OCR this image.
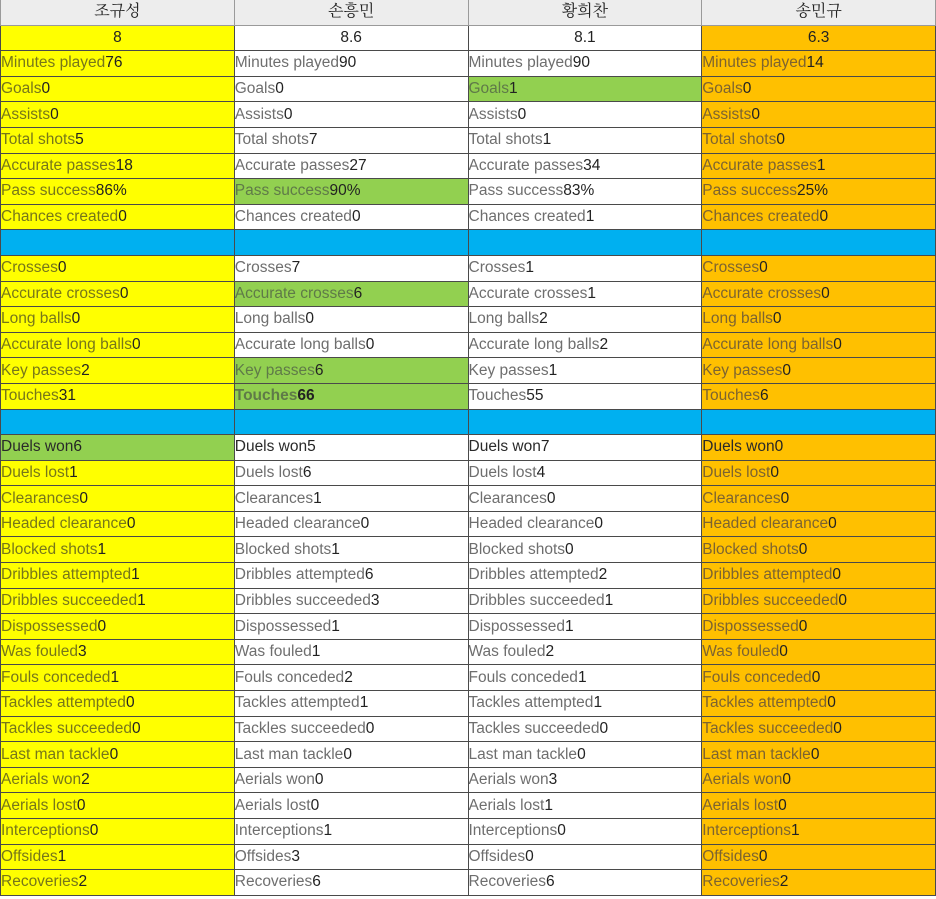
조규성	손흥민	황희찬	송민규
8	8.6	8.1	6.3
Minutes played76	Minutes played90	Minutes played90	Minutes played14
Goals0	Goals0	Goals1	Goals0
Assists0	Assists0	Assists0	Assists0
Total shots5	Total shots7	Total shots1	Total shots0
Accurate passes18	Accurate passes27	Accurate passes34	Accurate passes1
Pass success86%	Pass success90%	Pass success83%	Pass success25%
Chances created0	Chances created0	Chances created1	Chances created0

Crosses0	Crosses7	Crosses1	Crosses0
Accurate crosses0	Accurate crosses6	Accurate crosses1	Accurate crosses0
Long balls0	Long balls0	Long balls2	Long balls0
Accurate long balls0	Accurate long balls0	Accurate long balls2	Accurate long balls0
Key passes2	Key passes6	Key passes1	Key passes0
Touches31	Touches66	Touches55	Touches6

Duels won6	Duels won5	Duels won7	Duels won0
Duels lost1	Duels lost6	Duels lost4	Duels lost0
Clearances0	Clearances1	Clearances0	Clearances0
Headed clearance0	Headed clearance0	Headed clearance0	Headed clearance0
Blocked shots1	Blocked shots1	Blocked shots0	Blocked shots0
Dribbles attempted1	Dribbles attempted6	Dribbles attempted2	Dribbles attempted0
Dribbles succeeded1	Dribbles succeeded3	Dribbles succeeded1	Dribbles succeeded0
Dispossessed0	Dispossessed1	Dispossessed1	Dispossessed0
Was fouled3	Was fouled1	Was fouled2	Was fouled0
Fouls conceded1	Fouls conceded2	Fouls conceded1	Fouls conceded0
Tackles attempted0	Tackles attempted1	Tackles attempted1	Tackles attempted0
Tackles succeeded0	Tackles succeeded0	Tackles succeeded0	Tackles succeeded0
Last man tackle0	Last man tackle0	Last man tackle0	Last man tackle0
Aerials won2	Aerials won0	Aerials won3	Aerials won0
Aerials lost0	Aerials lost0	Aerials lost1	Aerials lost0
Interceptions0	Interceptions1	Interceptions0	Interceptions1
Offsides1	Offsides3	Offsides0	Offsides0
Recoveries2	Recoveries6	Recoveries6	Recoveries2
